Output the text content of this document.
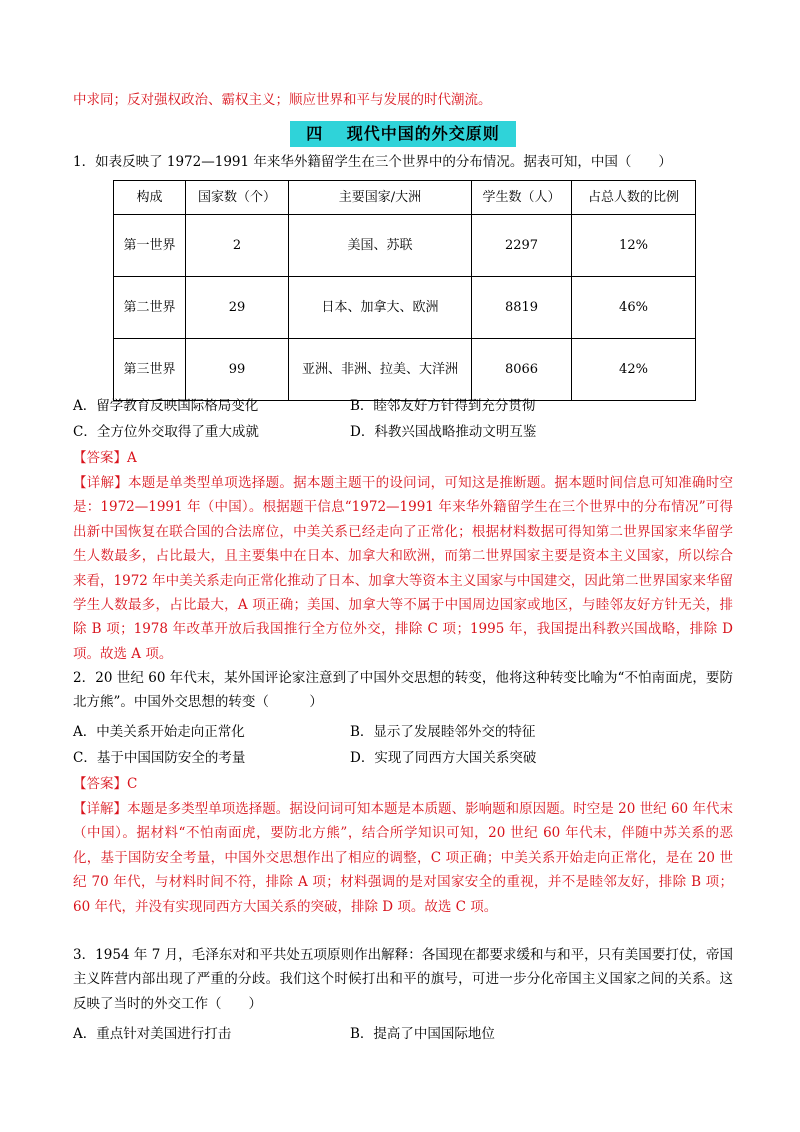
中求同；反对强权政治、霸权主义；顺应世界和平与发展的时代潮流。

四　 现代中国的外交原则

1．如表反映了 1972—1991 年来华外籍留学生在三个世界中的分布情况。据表可知，中国（　　）

构成	国家数（个）	主要国家/大洲	学生数（人）	占总人数的比例
第一世界	2	美国、苏联	2297	12%
第二世界	29	日本、加拿大、欧洲	8819	46%
第三世界	99	亚洲、非洲、拉美、大洋洲	8066	42%
A．留学教育反映国际格局变化	B．睦邻友好方针得到充分贯彻
C．全方位外交取得了重大成就	D．科教兴国战略推动文明互鉴

【答案】A

【详解】本题是单类型单项选择题。据本题主题干的设问词，可知这是推断题。据本题时间信息可知准确时空是：1972—1991 年（中国）。根据题干信息“1972—1991 年来华外籍留学生在三个世界中的分布情况”可得出新中国恢复在联合国的合法席位，中美关系已经走向了正常化；根据材料数据可得知第二世界国家来华留学生人数最多，占比最大，且主要集中在日本、加拿大和欧洲，而第二世界国家主要是资本主义国家，所以综合来看，1972 年中美关系走向正常化推动了日本、加拿大等资本主义国家与中国建交，因此第二世界国家来华留学生人数最多，占比最大，A 项正确；美国、加拿大等不属于中国周边国家或地区，与睦邻友好方针无关，排除 B 项；1978 年改革开放后我国推行全方位外交，排除 C 项；1995 年，我国提出科教兴国战略，排除 D 项。故选 A 项。

2．20 世纪 60 年代末，某外国评论家注意到了中国外交思想的转变，他将这种转变比喻为“不怕南面虎，要防北方熊”。中国外交思想的转变（　　　）

A．中美关系开始走向正常化	B．显示了发展睦邻外交的特征
C．基于中国国防安全的考量	D．实现了同西方大国关系突破

【答案】C

【详解】本题是多类型单项选择题。据设问词可知本题是本质题、影响题和原因题。时空是 20 世纪 60 年代末（中国）。据材料“不怕南面虎，要防北方熊”，结合所学知识可知，20 世纪 60 年代末，伴随中苏关系的恶化，基于国防安全考量，中国外交思想作出了相应的调整，C 项正确；中美关系开始走向正常化，是在 20 世纪 70 年代，与材料时间不符，排除 A 项；材料强调的是对国家安全的重视，并不是睦邻友好，排除 B 项；60 年代，并没有实现同西方大国关系的突破，排除 D 项。故选 C 项。

3．1954 年 7 月，毛泽东对和平共处五项原则作出解释：各国现在都要求缓和与和平，只有美国要打仗，帝国主义阵营内部出现了严重的分歧。我们这个时候打出和平的旗号，可进一步分化帝国主义国家之间的关系。这反映了当时的外交工作（　　）

A．重点针对美国进行打击	B．提高了中国国际地位
